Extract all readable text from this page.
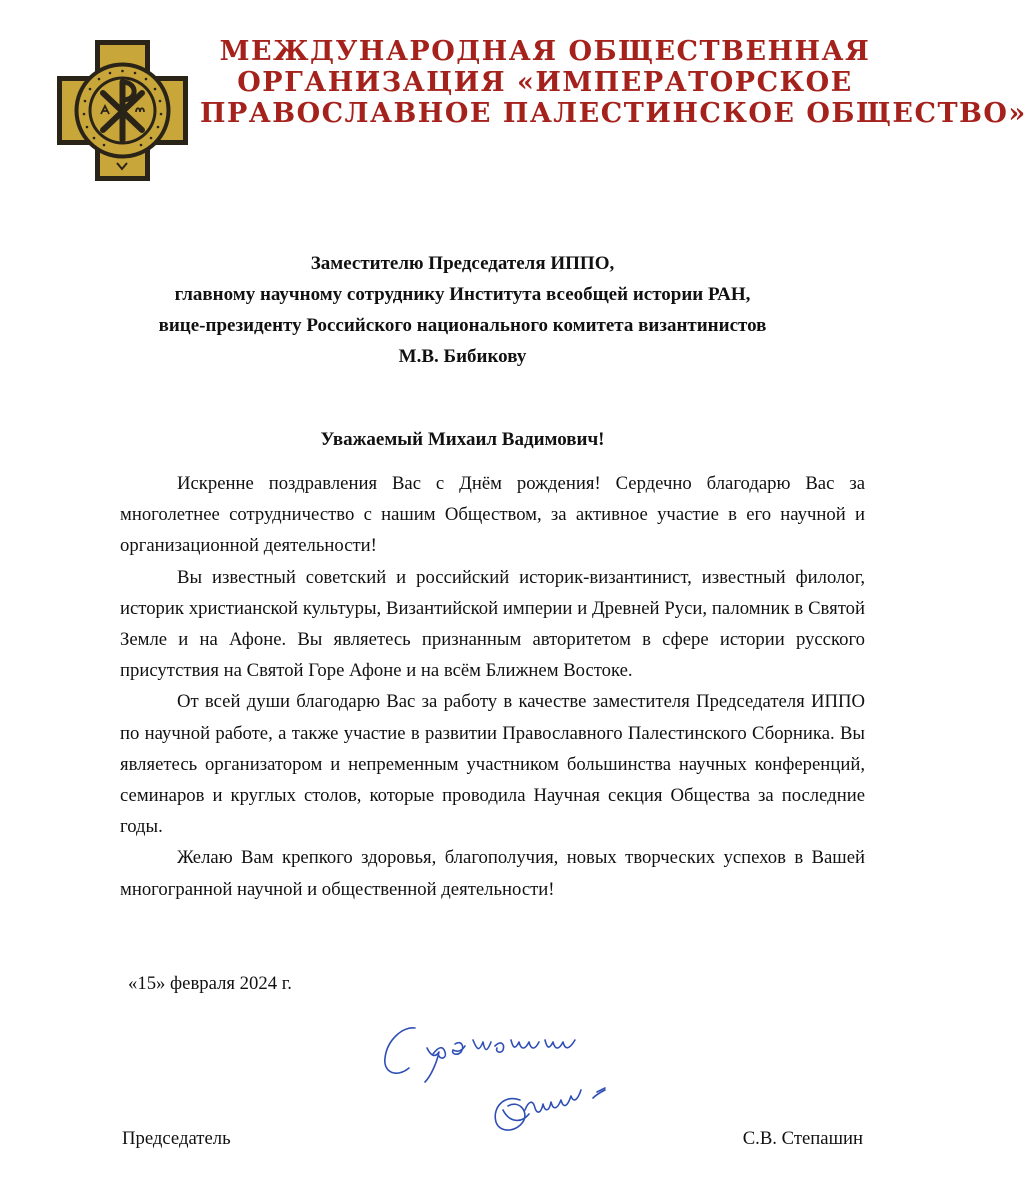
МЕЖДУНАРОДНАЯ ОБЩЕСТВЕННАЯ
ОРГАНИЗАЦИЯ «ИМПЕРАТОРСКОЕ
ПРАВОСЛАВНОЕ ПАЛЕСТИНСКОЕ ОБЩЕСТВО»
Заместителю Председателя ИППО,
главному научному сотруднику Института всеобщей истории РАН,
вице-президенту Российского национального комитета византинистов
М.В. Бибикову
Уважаемый Михаил Вадимович!

Искренне поздравления Вас с Днём рождения! Сердечно благодарю Вас за многолетнее сотрудничество с нашим Обществом, за активное участие в его научной и организационной деятельности!

Вы известный советский и российский историк-византинист, известный филолог, историк христианской культуры, Византийской империи и Древней Руси, паломник в Святой Земле и на Афоне. Вы являетесь признанным авторитетом в сфере истории русского присутствия на Святой Горе Афоне и на всём Ближнем Востоке.

От всей души благодарю Вас за работу в качестве заместителя Председателя ИППО по научной работе, а также участие в развитии Православного Палестинского Сборника. Вы являетесь организатором и непременным участником большинства научных конференций, семинаров и круглых столов, которые проводила Научная секция Общества за последние годы.

Желаю Вам крепкого здоровья, благополучия, новых творческих успехов в Вашей многогранной научной и общественной деятельности!

«15» февраля 2024 г.
Председатель	С.В. Степашин
